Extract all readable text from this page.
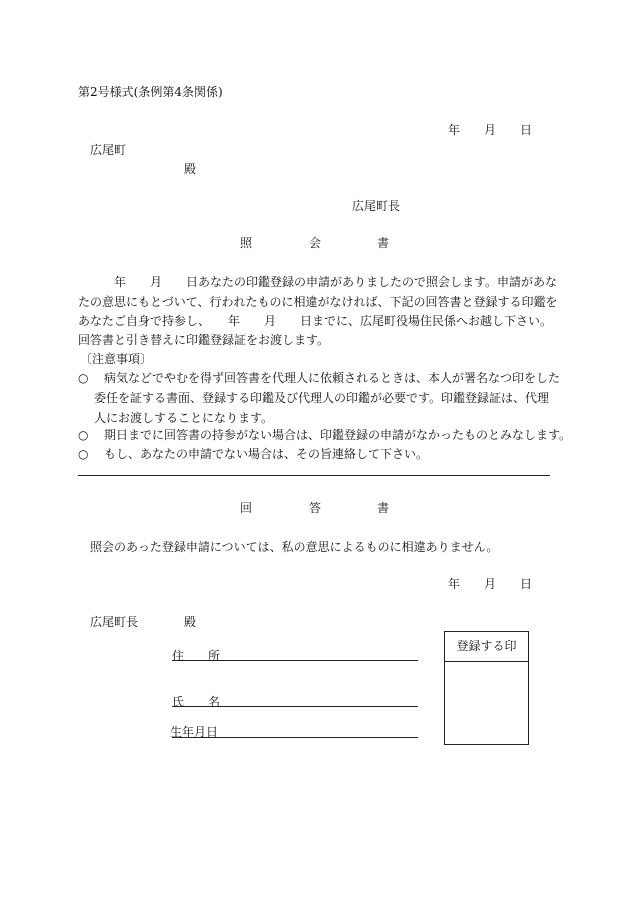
第2号様式(条例第4条関係)
年 月 日
広尾町
殿
広尾町長
照	会	書
年　　月　　日あなたの印鑑登録の申請がありましたので照会します。申請があな
たの意思にもとづいて、行われたものに相違がなければ、下記の回答書と登録する印鑑を
あなたご自身で持参し、　　年　　月　　日までに、広尾町役場住民係へお越し下さい。
回答書と引き替えに印鑑登録証をお渡します。
〔注意事項〕
○	病気などでやむを得ず回答書を代理人に依頼されるときは、本人が署名なつ印をした委任を証する書面、登録する印鑑及び代理人の印鑑が必要です。印鑑登録証は、代理人にお渡しすることになります。
○	期日までに回答書の持参がない場合は、印鑑登録の申請がなかったものとみなします。
○	もし、あなたの申請でない場合は、その旨連絡して下さい。
回	答	書
照会のあった登録申請については、私の意思によるものに相違ありません。
年 月 日
広尾町長	殿
住　　所
氏　　名
生年月日
登録する印
